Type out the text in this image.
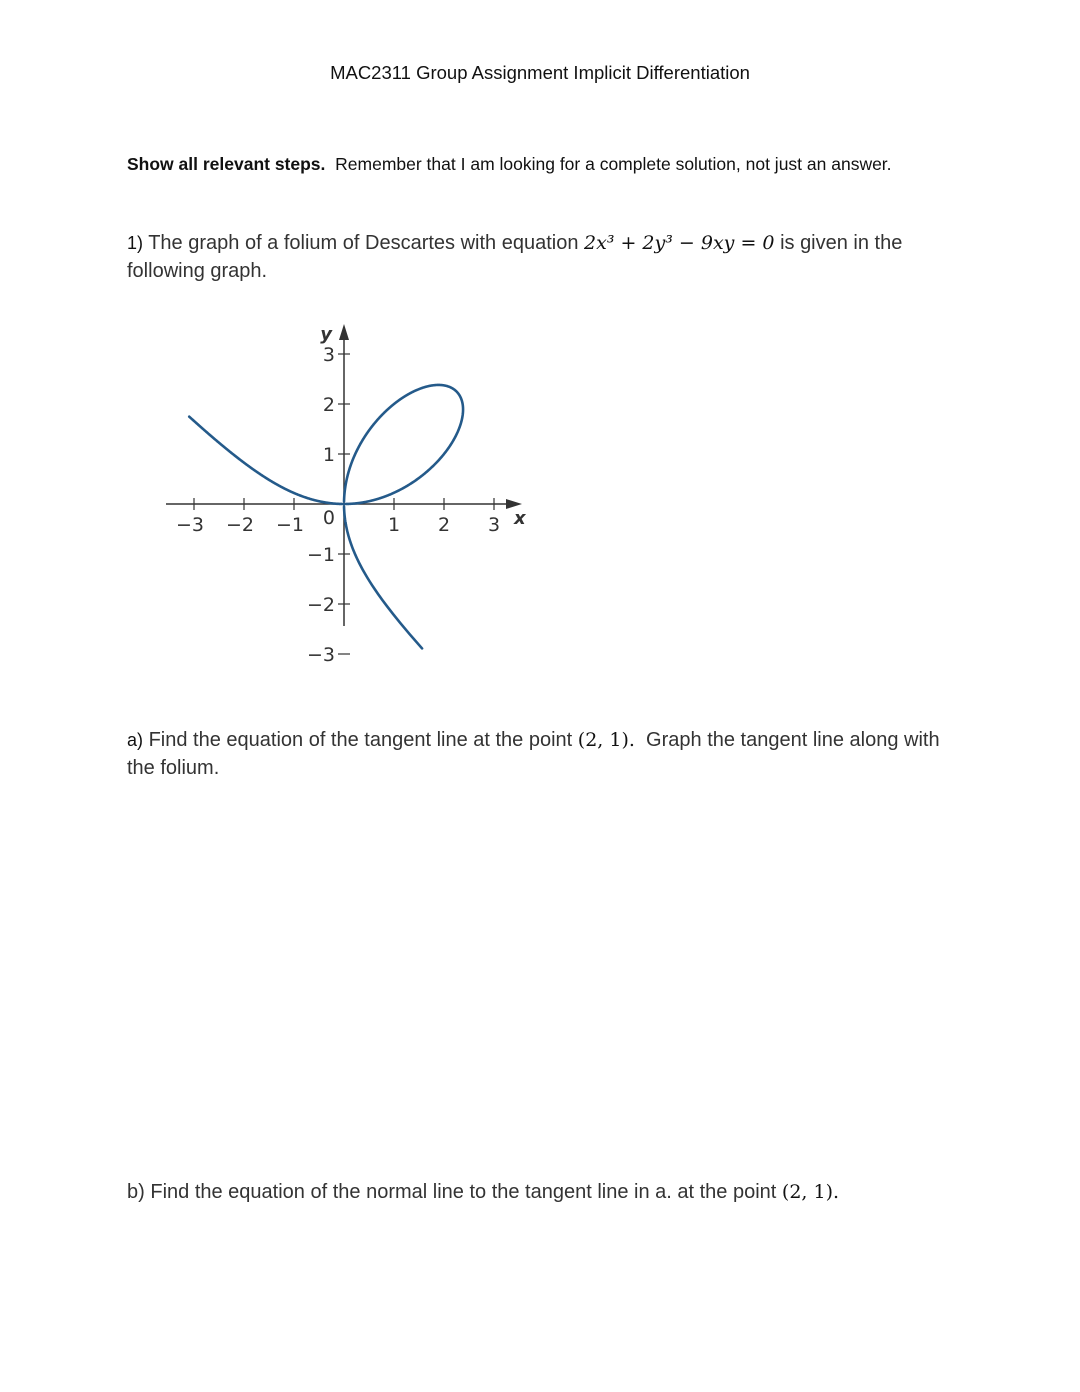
MAC2311 Group Assignment Implicit Differentiation
Show all relevant steps. Remember that I am looking for a complete solution, not just an answer.
1) The graph of a folium of Descartes with equation 2x³ + 2y³ − 9xy = 0 is given in the following graph.
−3 −2 −1	1 2 3
−3
−2
−1
1
2
3
0	x
y
a) Find the equation of the tangent line at the point (2, 1). Graph the tangent line along with the folium.
b) Find the equation of the normal line to the tangent line in a. at the point (2, 1).
